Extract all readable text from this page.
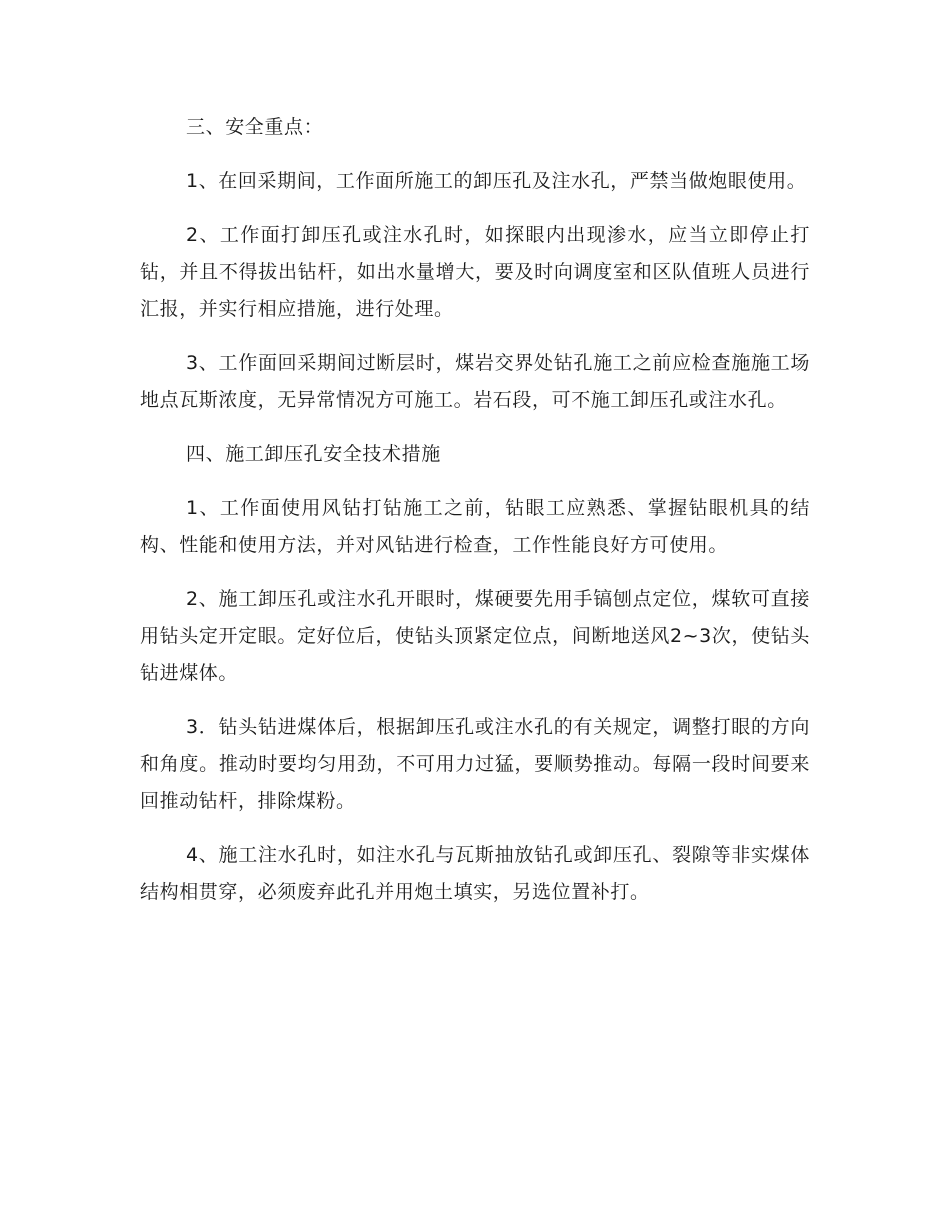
三、安全重点：

1、在回采期间，工作面所施工的卸压孔及注水孔，严禁当做炮眼使用。

2、工作面打卸压孔或注水孔时，如探眼内出现渗水，应当立即停止打钻，并且不得拔出钻杆，如出水量增大，要及时向调度室和区队值班人员进行汇报，并实行相应措施，进行处理。

3、工作面回采期间过断层时，煤岩交界处钻孔施工之前应检查施施工场地点瓦斯浓度，无异常情况方可施工。岩石段，可不施工卸压孔或注水孔。

四、施工卸压孔安全技术措施

1、工作面使用风钻打钻施工之前，钻眼工应熟悉、掌握钻眼机具的结构、性能和使用方法，并对风钻进行检查，工作性能良好方可使用。

2、施工卸压孔或注水孔开眼时，煤硬要先用手镐刨点定位，煤软可直接用钻头定开定眼。定好位后，使钻头顶紧定位点，间断地送风2~3次，使钻头钻进煤体。

3．钻头钻进煤体后，根据卸压孔或注水孔的有关规定，调整打眼的方向和角度。推动时要均匀用劲，不可用力过猛，要顺势推动。每隔一段时间要来回推动钻杆，排除煤粉。

4、施工注水孔时，如注水孔与瓦斯抽放钻孔或卸压孔、裂隙等非实煤体结构相贯穿，必须废弃此孔并用炮土填实，另选位置补打。
